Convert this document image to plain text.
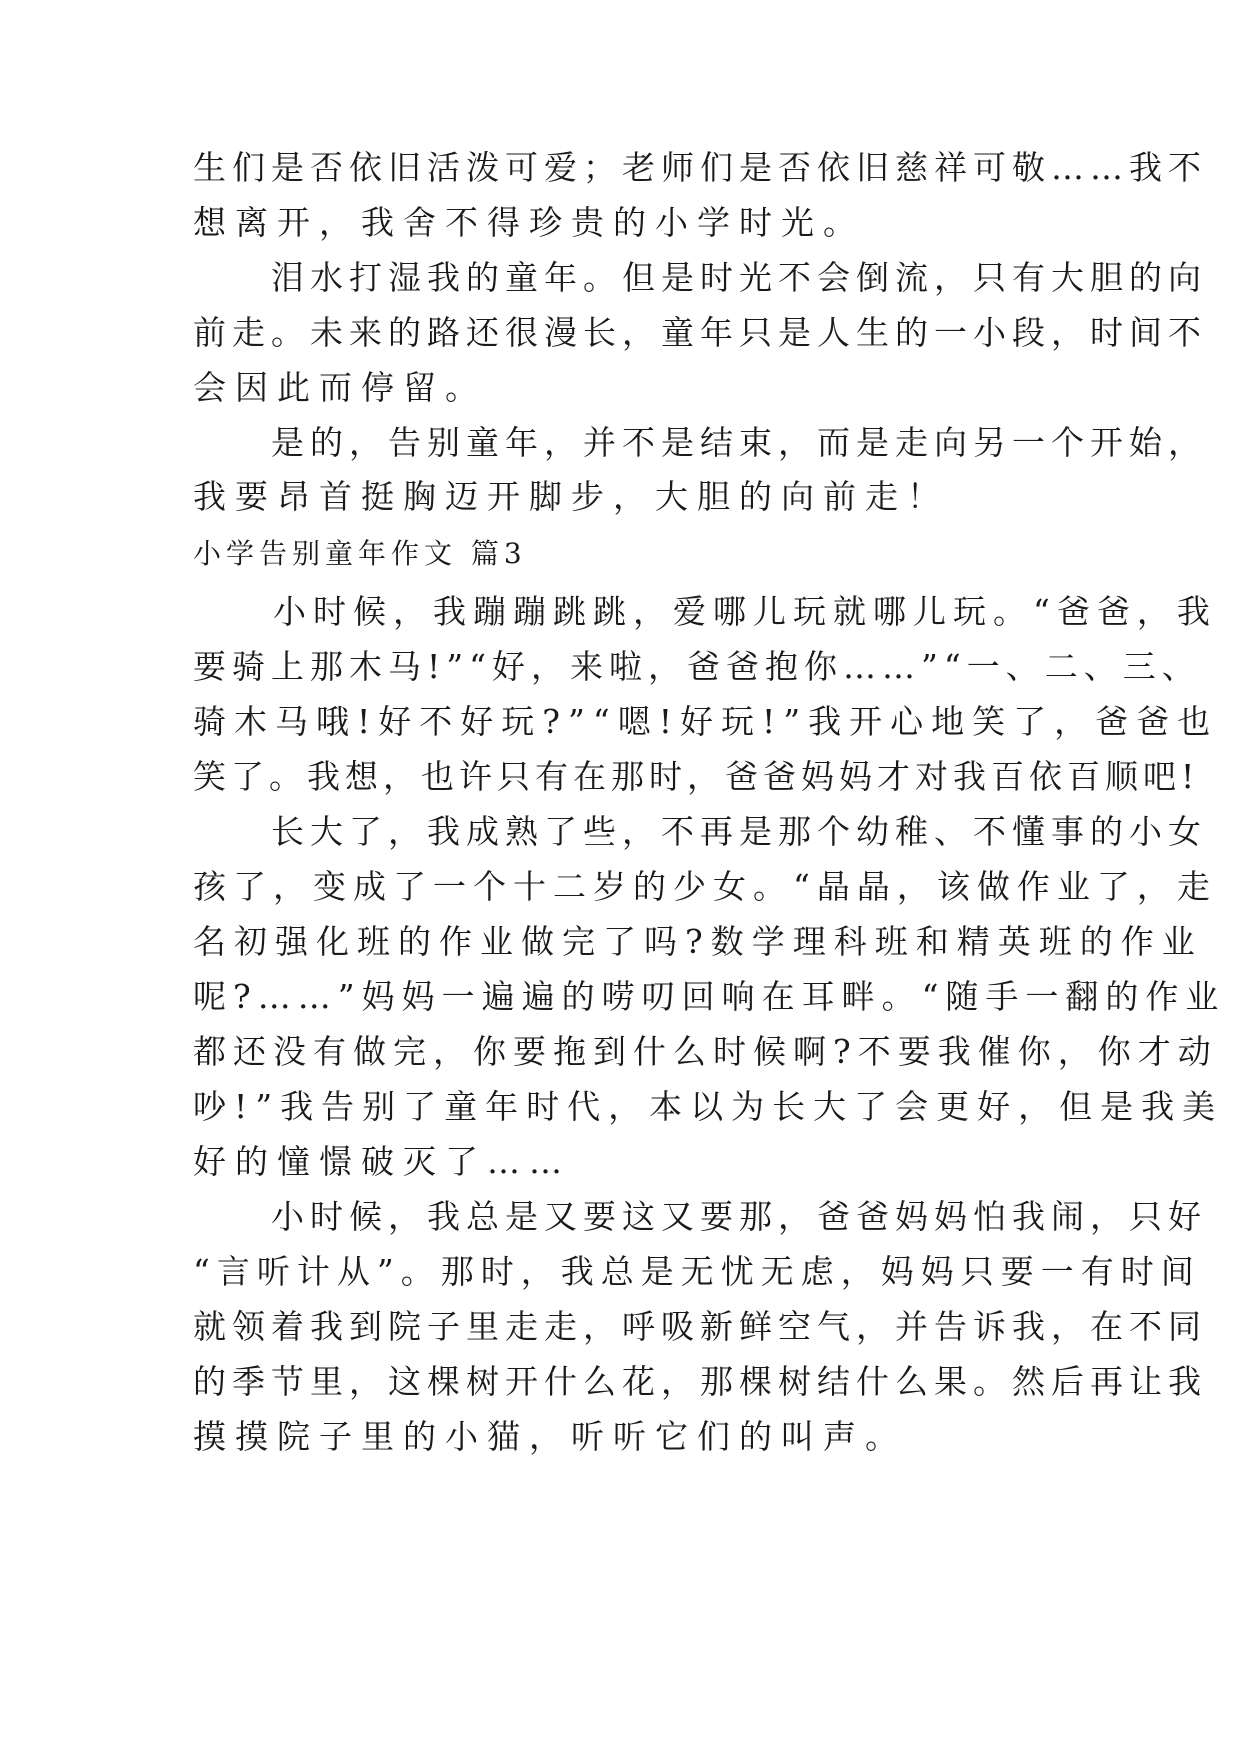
生们是否依旧活泼可爱；老师们是否依旧慈祥可敬……我不

想离开，我舍不得珍贵的小学时光。

　　泪水打湿我的童年。但是时光不会倒流，只有大胆的向

前走。未来的路还很漫长，童年只是人生的一小段，时间不

会因此而停留。

　　是的，告别童年，并不是结束，而是走向另一个开始，

我要昂首挺胸迈开脚步，大胆的向前走！

小学告别童年作文 篇3

　　小时候，我蹦蹦跳跳，爱哪儿玩就哪儿玩。“爸爸，我

要骑上那木马!”“好，来啦，爸爸抱你……”“一、二、三、

骑木马哦!好不好玩?”“嗯!好玩!”我开心地笑了，爸爸也

笑了。我想，也许只有在那时，爸爸妈妈才对我百依百顺吧!

　　长大了，我成熟了些，不再是那个幼稚、不懂事的小女

孩了，变成了一个十二岁的少女。“晶晶，该做作业了，走

名初强化班的作业做完了吗?数学理科班和精英班的作业

呢?……”妈妈一遍遍的唠叨回响在耳畔。“随手一翻的作业

都还没有做完，你要拖到什么时候啊?不要我催你，你才动

吵!”我告别了童年时代，本以为长大了会更好，但是我美

好的憧憬破灭了……

　　小时候，我总是又要这又要那，爸爸妈妈怕我闹，只好

“言听计从”。那时，我总是无忧无虑，妈妈只要一有时间

就领着我到院子里走走，呼吸新鲜空气，并告诉我，在不同

的季节里，这棵树开什么花，那棵树结什么果。然后再让我

摸摸院子里的小猫，听听它们的叫声。
